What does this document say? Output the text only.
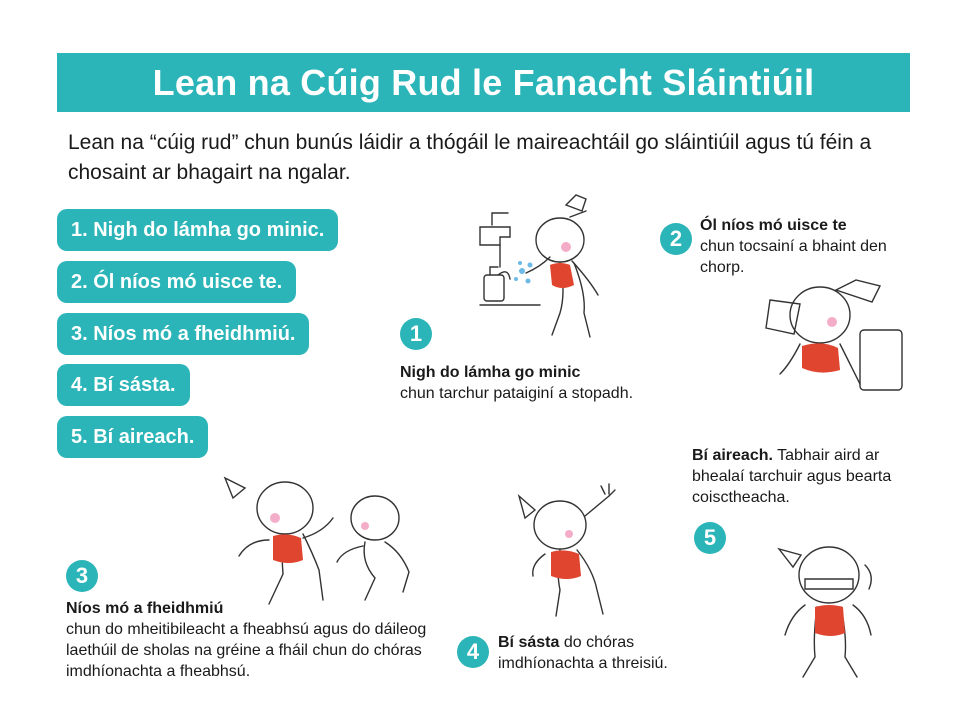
Lean na Cúig Rud le Fanacht Sláintiúil
Lean na “cúig rud” chun bunús láidir a thógáil le maireachtáil go sláintiúil agus tú féin a chosaint ar bhagairt na ngalar.
1. Nigh do lámha go minic.
2. Ól níos mó uisce te.
3. Níos mó a fheidhmiú.
4. Bí sásta.
5. Bí aireach.
1
Nigh do lámha go minic
chun tarchur pataiginí a stopadh.
2
Ól níos mó uisce te
chun tocsainí a bhaint den chorp.
3
Níos mó a fheidhmiú
chun do mheitibileacht a fheabhsú agus do dáileog laethúil de sholas na gréine a fháil chun do chóras imdhíonachta a fheabhsú.
4	Bí sásta do chóras imdhíonachta a threisiú.
Bí aireach. Tabhair aird ar bhealaí tarchuir agus bearta coisctheacha.
5
